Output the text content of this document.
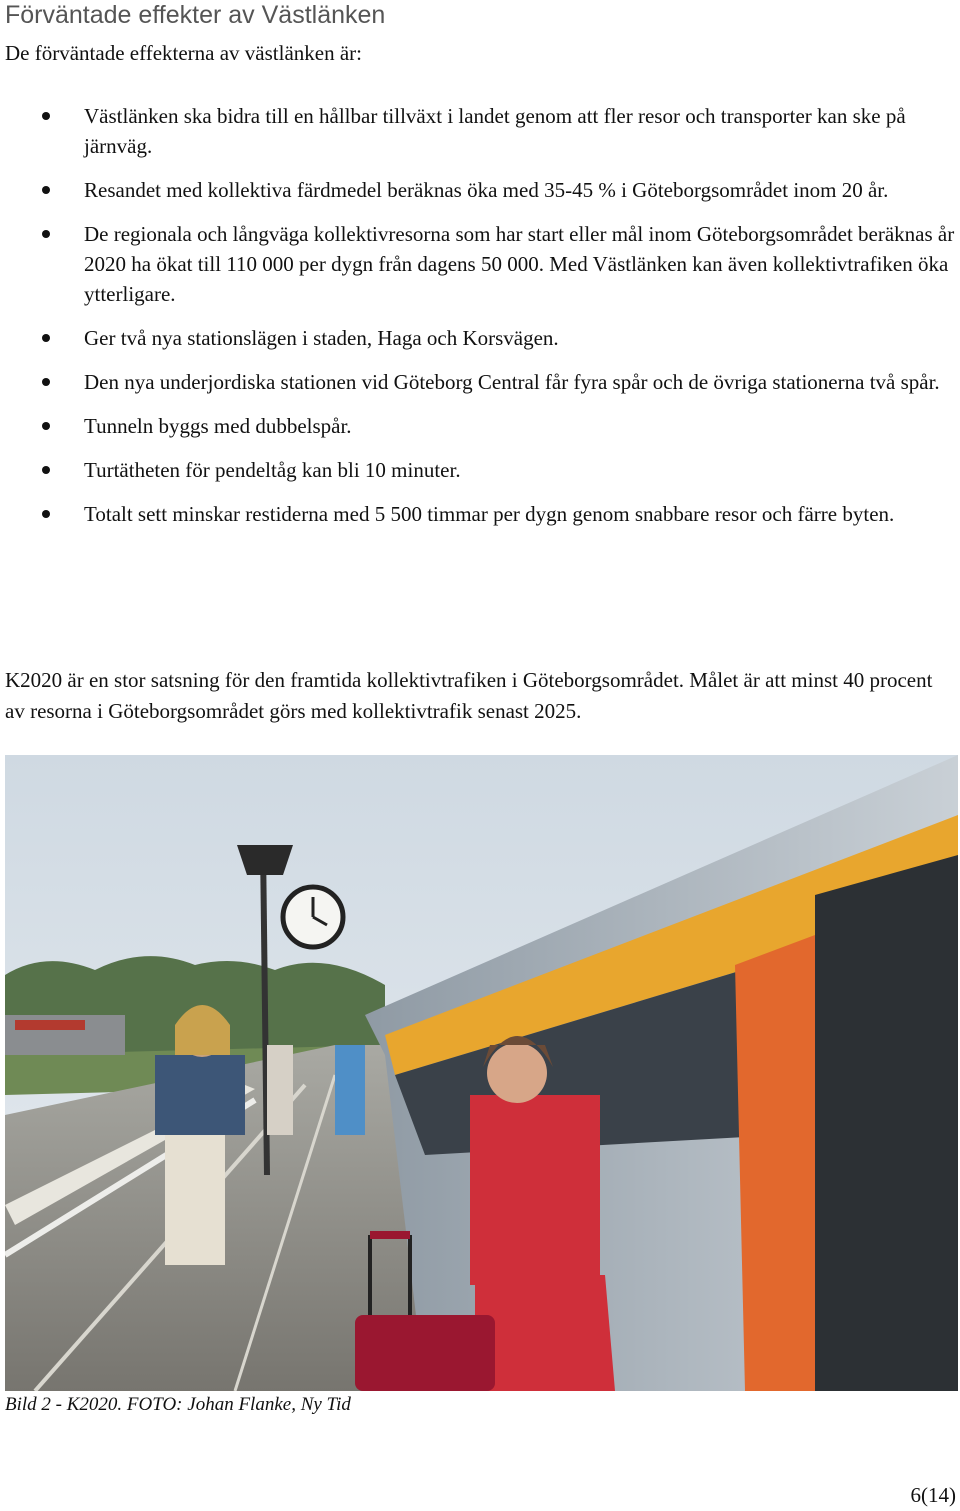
Förväntade effekter av Västlänken

De förväntade effekterna av västlänken är:

Västlänken ska bidra till en hållbar tillväxt i landet genom att fler resor och transporter kan ske på järnväg.
Resandet med kollektiva färdmedel beräknas öka med 35-45 % i Göteborgsområdet inom 20 år.
De regionala och långväga kollektivresorna som har start eller mål inom Göteborgsområdet beräknas år 2020 ha ökat till 110 000 per dygn från dagens 50 000. Med Västlänken kan även kollektivtrafiken öka ytterligare.
Ger två nya stationslägen i staden, Haga och Korsvägen.
Den nya underjordiska stationen vid Göteborg Central får fyra spår och de övriga stationerna två spår.
Tunneln byggs med dubbelspår.
Turtätheten för pendeltåg kan bli 10 minuter.
Totalt sett minskar restiderna med 5 500 timmar per dygn genom snabbare resor och färre byten.

K2020 är en stor satsning för den framtida kollektivtrafiken i Göteborgsområdet. Målet är att minst 40 procent av resorna i Göteborgsområdet görs med kollektivtrafik senast 2025.

Bild 2 - K2020. FOTO: Johan Flanke, Ny Tid

6(14)
